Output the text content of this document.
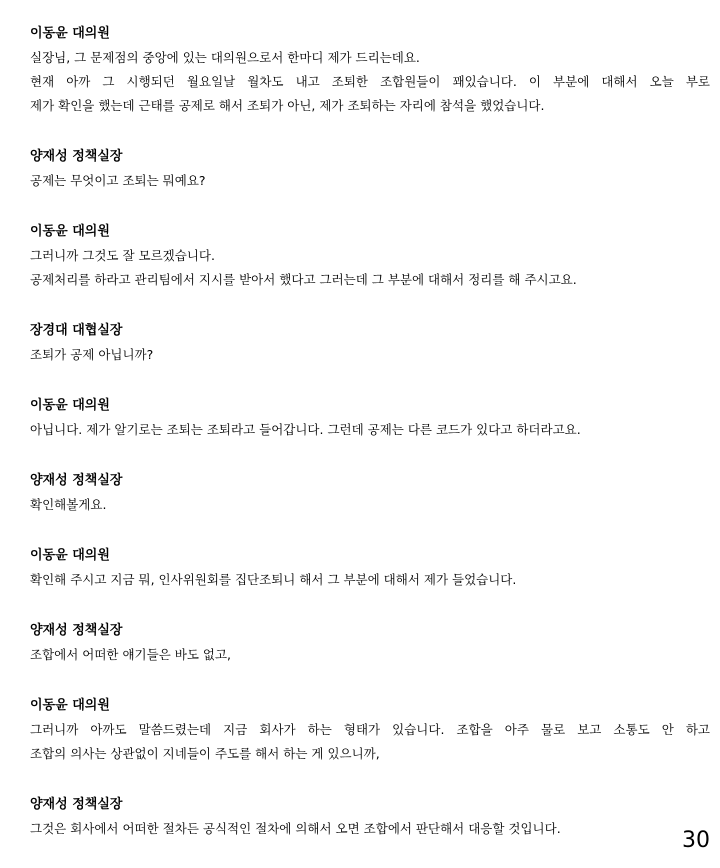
이동윤 대의원
실장님, 그 문제점의 중앙에 있는 대의원으로서 한마디 제가 드리는데요.
현재 아까 그 시행되던 월요일날 월차도 내고 조퇴한 조합원들이 꽤있습니다. 이 부분에 대해서 오늘 부로
제가 확인을 했는데 근태를 공제로 해서 조퇴가 아닌, 제가 조퇴하는 자리에 참석을 했었습니다.
양재성 정책실장
공제는 무엇이고 조퇴는 뭐예요?
이동윤 대의원
그러니까 그것도 잘 모르겠습니다.
공제처리를 하라고 관리팀에서 지시를 받아서 했다고 그러는데 그 부분에 대해서 정리를 해 주시고요.
장경대 대협실장
조퇴가 공제 아닙니까?
이동윤 대의원
아닙니다. 제가 알기로는 조퇴는 조퇴라고 들어갑니다. 그런데 공제는 다른 코드가 있다고 하더라고요.
양재성 정책실장
확인해볼게요.
이동윤 대의원
확인해 주시고 지금 뭐, 인사위원회를 집단조퇴니 해서 그 부분에 대해서 제가 들었습니다.
양재성 정책실장
조합에서 어떠한 얘기들은 바도 없고,
이동윤 대의원
그러니까 아까도 말씀드렸는데 지금 회사가 하는 형태가 있습니다. 조합을 아주 물로 보고 소통도 안 하고
조합의 의사는 상관없이 지네들이 주도를 해서 하는 게 있으니까,
양재성 정책실장
그것은 회사에서 어떠한 절차든 공식적인 절차에 의해서 오면 조합에서 판단해서 대응할 것입니다.	30
